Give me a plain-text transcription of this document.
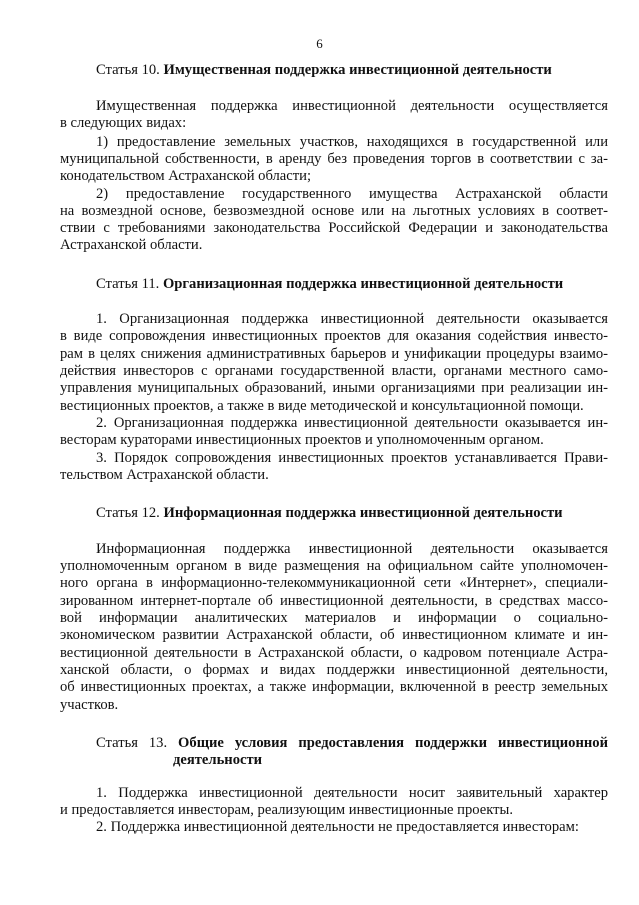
6
Статья 10. Имущественная поддержка инвестиционной деятельности
Имущественная поддержка инвестиционной деятельности осуществляется
в следующих видах:
1) предоставление земельных участков, находящихся в государственной или
муниципальной собственности, в аренду без проведения торгов в соответствии с за-
конодательством Астраханской области;
2) предоставление государственного имущества Астраханской области
на возмездной основе, безвозмездной основе или на льготных условиях в соответ-
ствии с требованиями законодательства Российской Федерации и законодательства
Астраханской области.
Статья 11. Организационная поддержка инвестиционной деятельности
1. Организационная поддержка инвестиционной деятельности оказывается
в виде сопровождения инвестиционных проектов для оказания содействия инвесто-
рам в целях снижения административных барьеров и унификации процедуры взаимо-
действия инвесторов с органами государственной власти, органами местного само-
управления муниципальных образований, иными организациями при реализации ин-
вестиционных проектов, а также в виде методической и консультационной помощи.
2. Организационная поддержка инвестиционной деятельности оказывается ин-
весторам кураторами инвестиционных проектов и уполномоченным органом.
3. Порядок сопровождения инвестиционных проектов устанавливается Прави-
тельством Астраханской области.
Статья 12. Информационная поддержка инвестиционной деятельности
Информационная поддержка инвестиционной деятельности оказывается
уполномоченным органом в виде размещения на официальном сайте уполномочен-
ного органа в информационно-телекоммуникационной сети «Интернет», специали-
зированном интернет-портале об инвестиционной деятельности, в средствах массо-
вой информации аналитических материалов и информации о социально-
экономическом развитии Астраханской области, об инвестиционном климате и ин-
вестиционной деятельности в Астраханской области, о кадровом потенциале Астра-
ханской области, о формах и видах поддержки инвестиционной деятельности,
об инвестиционных проектах, а также информации, включенной в реестр земельных
участков.
Статья 13. Общие условия предоставления поддержки инвестиционной
деятельности
1. Поддержка инвестиционной деятельности носит заявительный характер
и предоставляется инвесторам, реализующим инвестиционные проекты.
2. Поддержка инвестиционной деятельности не предоставляется инвесторам:
